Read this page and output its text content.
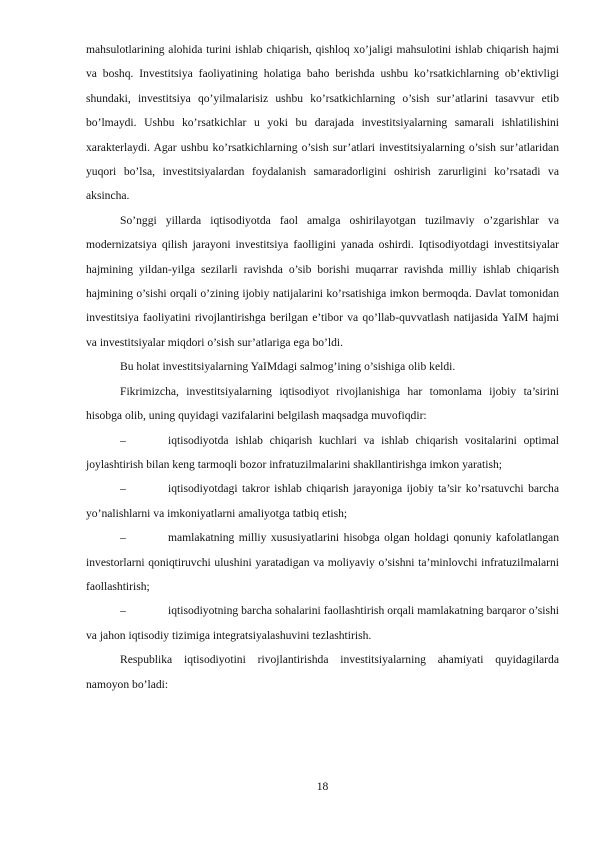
mahsulotlarining alohida turini ishlab chiqarish, qishloq xo’jaligi mahsulotini ishlab chiqarish hajmi va boshq. Investitsiya faoliyatining holatiga baho berishda ushbu ko’rsatkichlarning ob’ektivligi shundaki, investitsiya qo’yilmalarisiz ushbu ko’rsatkichlarning o’sish sur’atlarini tasavvur etib bo’lmaydi. Ushbu ko’rsatkichlar u yoki bu darajada investitsiyalarning samarali ishlatilishini xarakterlaydi. Agar ushbu ko’rsatkichlarning o’sish sur’atlari investitsiyalarning o’sish sur’atlaridan yuqori bo’lsa, investitsiyalardan foydalanish samaradorligini oshirish zarurligini ko’rsatadi va aksincha.

So’nggi yillarda iqtisodiyotda faol amalga oshirilayotgan tuzilmaviy o’zgarishlar va modernizatsiya qilish jarayoni investitsiya faolligini yanada oshirdi. Iqtisodiyotdagi investitsiyalar hajmining yildan-yilga sezilarli ravishda o’sib borishi muqarrar ravishda milliy ishlab chiqarish hajmining o’sishi orqali o’zining ijobiy natijalarini ko’rsatishiga imkon bermoqda. Davlat tomonidan investitsiya faoliyatini rivojlantirishga berilgan e’tibor va qo’llab-quvvatlash natijasida YaIM hajmi va investitsiyalar miqdori o’sish sur’atlariga ega bo’ldi.

Bu holat investitsiyalarning YaIMdagi salmog’ining o’sishiga olib keldi.

Fikrimizcha, investitsiyalarning iqtisodiyot rivojlanishiga har tomonlama ijobiy ta’sirini hisobga olib, uning quyidagi vazifalarini belgilash maqsadga muvofiqdir:

–	iqtisodiyotda ishlab chiqarish kuchlari va ishlab chiqarish vositalarini optimal joylashtirish bilan keng tarmoqli bozor infratuzilmalarini shakllantirishga imkon yaratish;

–	iqtisodiyotdagi takror ishlab chiqarish jarayoniga ijobiy ta’sir ko’rsatuvchi barcha yo’nalishlarni va imkoniyatlarni amaliyotga tatbiq etish;

–	mamlakatning milliy xususiyatlarini hisobga olgan holdagi qonuniy kafolatlangan investorlarni qoniqtiruvchi ulushini yaratadigan va moliyaviy o’sishni ta’minlovchi infratuzilmalarni faollashtirish;

–	iqtisodiyotning barcha sohalarini faollashtirish orqali mamlakatning barqaror o’sishi va jahon iqtisodiy tizimiga integratsiyalashuvini tezlashtirish.

Respublika iqtisodiyotini rivojlantirishda investitsiyalarning ahamiyati quyidagilarda namoyon bo’ladi:

18
